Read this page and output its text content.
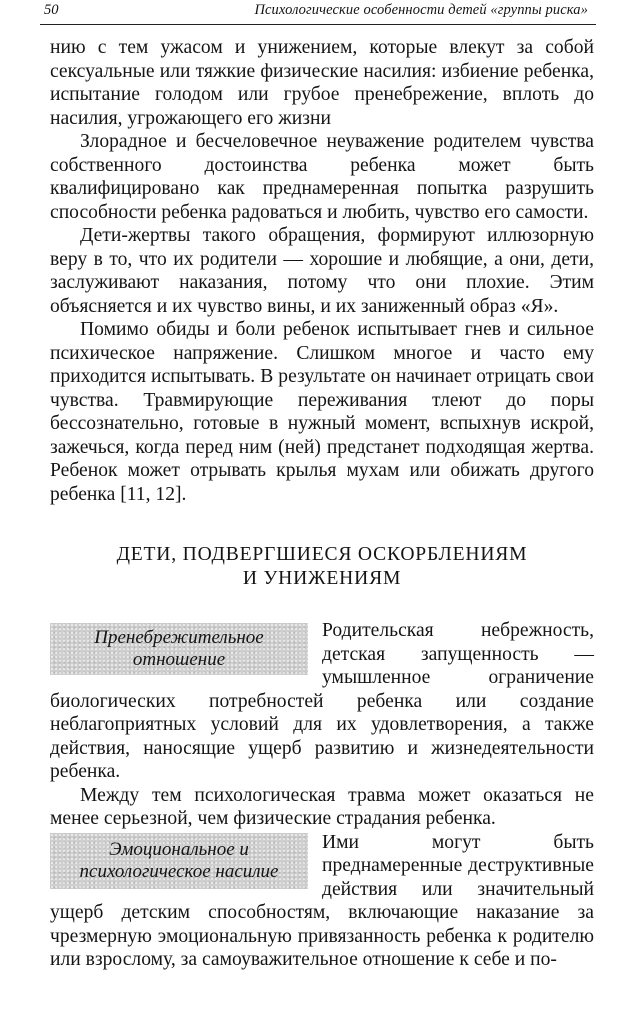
50	Психологические особенности детей «группы риска»

нию с тем ужасом и унижением, которые влекут за собой сексуальные или тяжкие физические насилия: избиение ребенка, испытание голодом или грубое пренебрежение, вплоть до насилия, угрожающего его жизни

Злорадное и бесчеловечное неуважение родителем чувства собственного достоинства ребенка может быть квалифицировано как преднамеренная попытка разрушить способности ребенка радоваться и любить, чувство его самости.

Дети-жертвы такого обращения, формируют иллюзорную веру в то, что их родители — хорошие и любящие, а они, дети, заслуживают наказания, потому что они плохие. Этим объясняется и их чувство вины, и их заниженный образ «Я».

Помимо обиды и боли ребенок испытывает гнев и сильное психическое напряжение. Слишком многое и часто ему приходится испытывать. В результате он начинает отрицать свои чувства. Травмирующие переживания тлеют до поры бессознательно, готовые в нужный момент, вспыхнув искрой, зажечься, когда перед ним (ней) предстанет подходящая жертва. Ребенок может отрывать крылья мухам или обижать другого ребенка [11, 12].

ДЕТИ, ПОДВЕРГШИЕСЯ ОСКОРБЛЕНИЯМ
И УНИЖЕНИЯМ
Пренебрежительное
отношение

Родительская небрежность, детская запущенность — умышленное ограничение биологических потребностей ребенка или создание неблагоприятных условий для их удовлетворения, а также действия, наносящие ущерб развитию и жизнедеятельности ребенка.

Между тем психологическая травма может оказаться не менее серьезной, чем физические страдания ребенка.

Эмоциональное и
психологическое насилие

Ими могут быть преднамеренные деструктивные действия или значительный ущерб детским способностям, включающие наказание за чрезмерную эмоциональную привязанность ребенка к родителю или взрослому, за самоуважительное отношение к себе и по-
